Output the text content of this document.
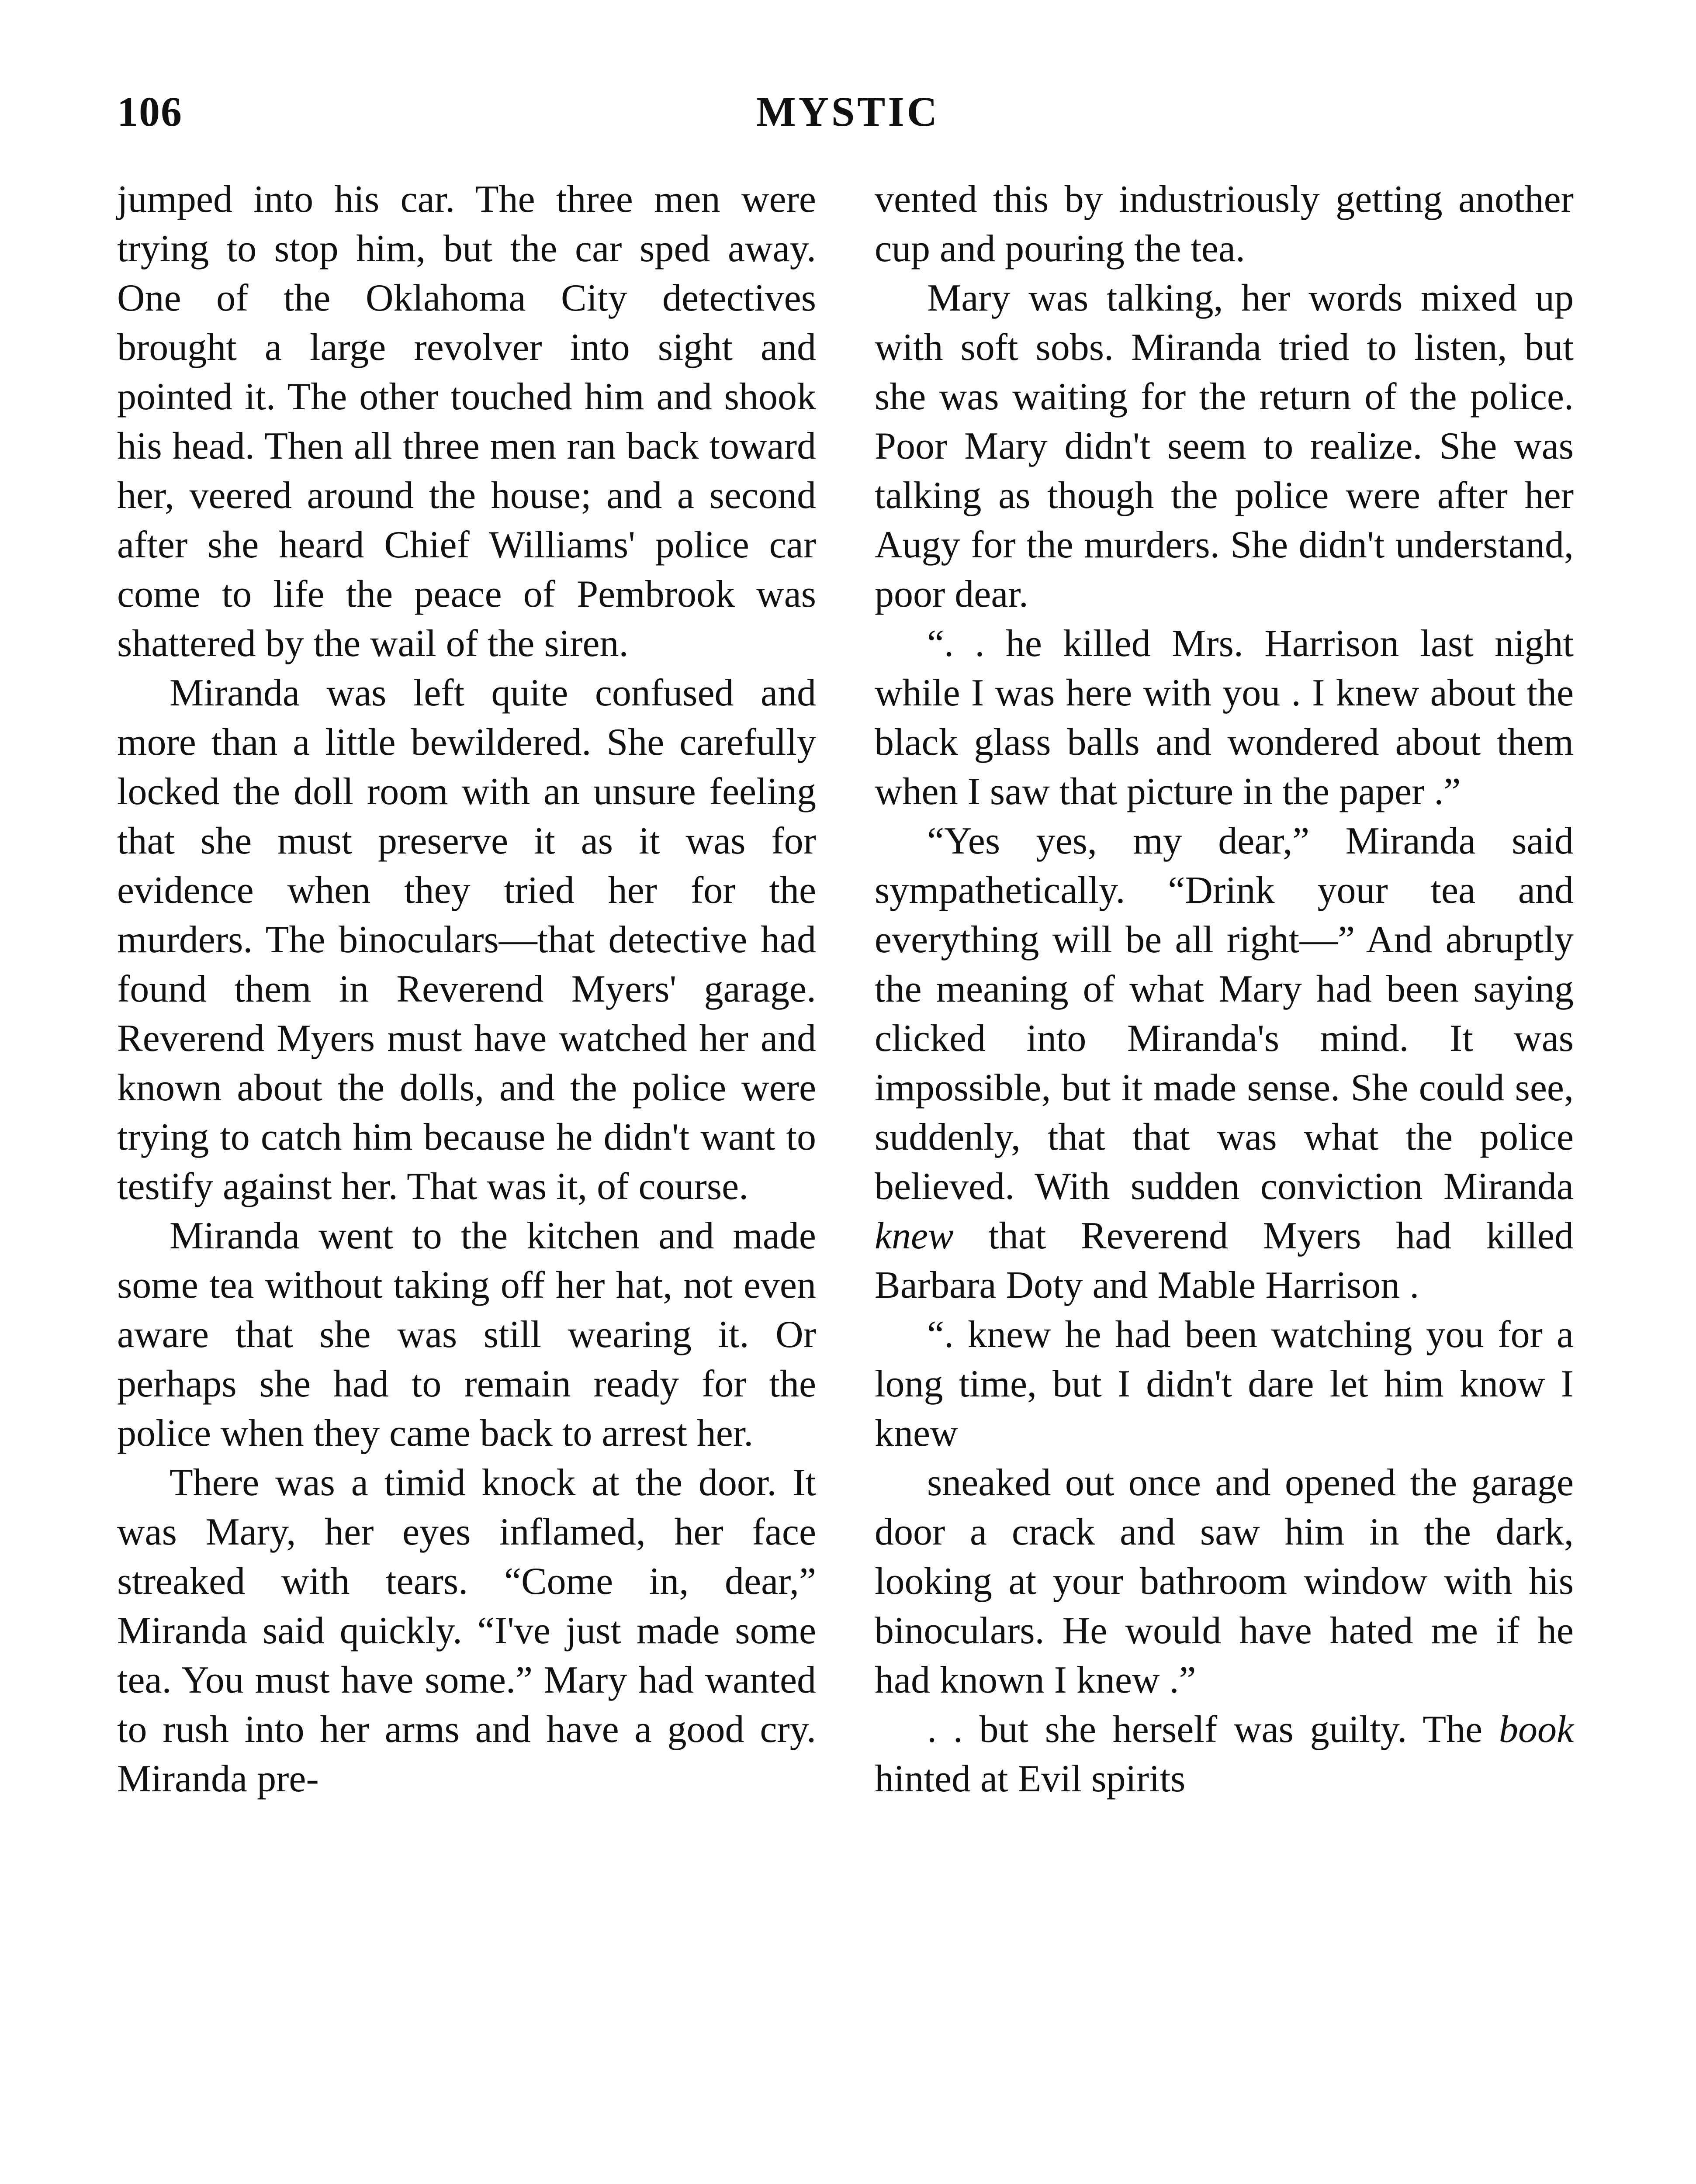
106	MYSTIC

jumped into his car. The three men were trying to stop him, but the car sped away. One of the Oklahoma City detectives brought a large revolver into sight and pointed it. The other touched him and shook his head. Then all three men ran back toward her, veered around the house; and a second after she heard Chief Williams' police car come to life the peace of Pembrook was shattered by the wail of the siren.

Miranda was left quite confused and more than a little bewildered. She carefully locked the doll room with an unsure feeling that she must preserve it as it was for evidence when they tried her for the murders. The binoculars—that detective had found them in Reverend Myers' garage. Reverend Myers must have watched her and known about the dolls, and the police were trying to catch him because he didn't want to testify against her. That was it, of course.

Miranda went to the kitchen and made some tea without taking off her hat, not even aware that she was still wearing it. Or perhaps she had to remain ready for the police when they came back to arrest her.

There was a timid knock at the door. It was Mary, her eyes inflamed, her face streaked with tears. “Come in, dear,” Miranda said quickly. “I've just made some tea. You must have some.” Mary had wanted to rush into her arms and have a good cry. Miranda pre-

vented this by industriously getting another cup and pouring the tea.

Mary was talking, her words mixed up with soft sobs. Miranda tried to listen, but she was waiting for the return of the police. Poor Mary didn't seem to realize. She was talking as though the police were after her Augy for the murders. She didn't understand, poor dear.

“. . he killed Mrs. Harrison last night while I was here with you . I knew about the black glass balls and wondered about them when I saw that picture in the paper .”

“Yes yes, my dear,” Miranda said sympathetically. “Drink your tea and everything will be all right—” And abruptly the meaning of what Mary had been saying clicked into Miranda's mind. It was impossible, but it made sense. She could see, suddenly, that that was what the police believed. With sudden conviction Miranda knew that Reverend Myers had killed Barbara Doty and Mable Harrison .

“. knew he had been watching you for a long time, but I didn't dare let him know I knew

sneaked out once and opened the garage door a crack and saw him in the dark, looking at your bathroom window with his binoculars. He would have hated me if he had known I knew .”

. . but she herself was guilty. The book hinted at Evil spirits
